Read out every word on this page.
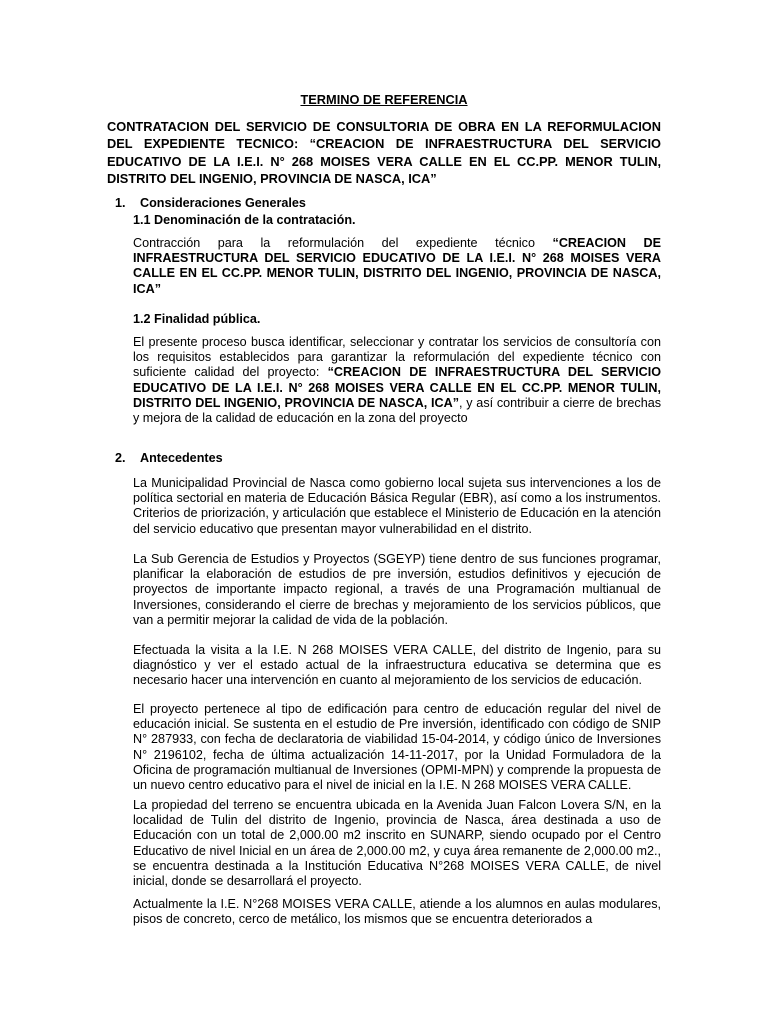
TERMINO DE REFERENCIA
CONTRATACION DEL SERVICIO DE CONSULTORIA DE OBRA EN LA REFORMULACION DEL EXPEDIENTE TECNICO: “CREACION DE INFRAESTRUCTURA DEL SERVICIO EDUCATIVO DE LA I.E.I. N° 268 MOISES VERA CALLE EN EL CC.PP. MENOR TULIN, DISTRITO DEL INGENIO, PROVINCIA DE NASCA, ICA”
1. Consideraciones Generales
1.1 Denominación de la contratación.

Contracción para la reformulación del expediente técnico “CREACION DE INFRAESTRUCTURA DEL SERVICIO EDUCATIVO DE LA I.E.I. N° 268 MOISES VERA CALLE EN EL CC.PP. MENOR TULIN, DISTRITO DEL INGENIO, PROVINCIA DE NASCA, ICA”

1.2 Finalidad pública.

El presente proceso busca identificar, seleccionar y contratar los servicios de consultoría con los requisitos establecidos para garantizar la reformulación del expediente técnico con suficiente calidad del proyecto: “CREACION DE INFRAESTRUCTURA DEL SERVICIO EDUCATIVO DE LA I.E.I. N° 268 MOISES VERA CALLE EN EL CC.PP. MENOR TULIN, DISTRITO DEL INGENIO, PROVINCIA DE NASCA, ICA”, y así contribuir a cierre de brechas y mejora de la calidad de educación en la zona del proyecto

2. Antecedentes

La Municipalidad Provincial de Nasca como gobierno local sujeta sus intervenciones a los de política sectorial en materia de Educación Básica Regular (EBR), así como a los instrumentos. Criterios de priorización, y articulación que establece el Ministerio de Educación en la atención del servicio educativo que presentan mayor vulnerabilidad en el distrito.

La Sub Gerencia de Estudios y Proyectos (SGEYP) tiene dentro de sus funciones programar, planificar la elaboración de estudios de pre inversión, estudios definitivos y ejecución de proyectos de importante impacto regional, a través de una Programación multianual de Inversiones, considerando el cierre de brechas y mejoramiento de los servicios públicos, que van a permitir mejorar la calidad de vida de la población.

Efectuada la visita a la I.E. N 268 MOISES VERA CALLE, del distrito de Ingenio, para su diagnóstico y ver el estado actual de la infraestructura educativa se determina que es necesario hacer una intervención en cuanto al mejoramiento de los servicios de educación.

El proyecto pertenece al tipo de edificación para centro de educación regular del nivel de educación inicial. Se sustenta en el estudio de Pre inversión, identificado con código de SNIP N° 287933, con fecha de declaratoria de viabilidad 15-04-2014, y código único de Inversiones N° 2196102, fecha de última actualización 14-11-2017, por la Unidad Formuladora de la Oficina de programación multianual de Inversiones (OPMI-MPN) y comprende la propuesta de un nuevo centro educativo para el nivel de inicial en la I.E. N 268 MOISES VERA CALLE.

La propiedad del terreno se encuentra ubicada en la Avenida Juan Falcon Lovera S/N, en la localidad de Tulin del distrito de Ingenio, provincia de Nasca, área destinada a uso de Educación con un total de 2,000.00 m2 inscrito en SUNARP, siendo ocupado por el Centro Educativo de nivel Inicial en un área de 2,000.00 m2, y cuya área remanente de 2,000.00 m2., se encuentra destinada a la Institución Educativa N°268 MOISES VERA CALLE, de nivel inicial, donde se desarrollará el proyecto.

Actualmente la I.E. N°268 MOISES VERA CALLE, atiende a los alumnos en aulas modulares, pisos de concreto, cerco de metálico, los mismos que se encuentra deteriorados a
